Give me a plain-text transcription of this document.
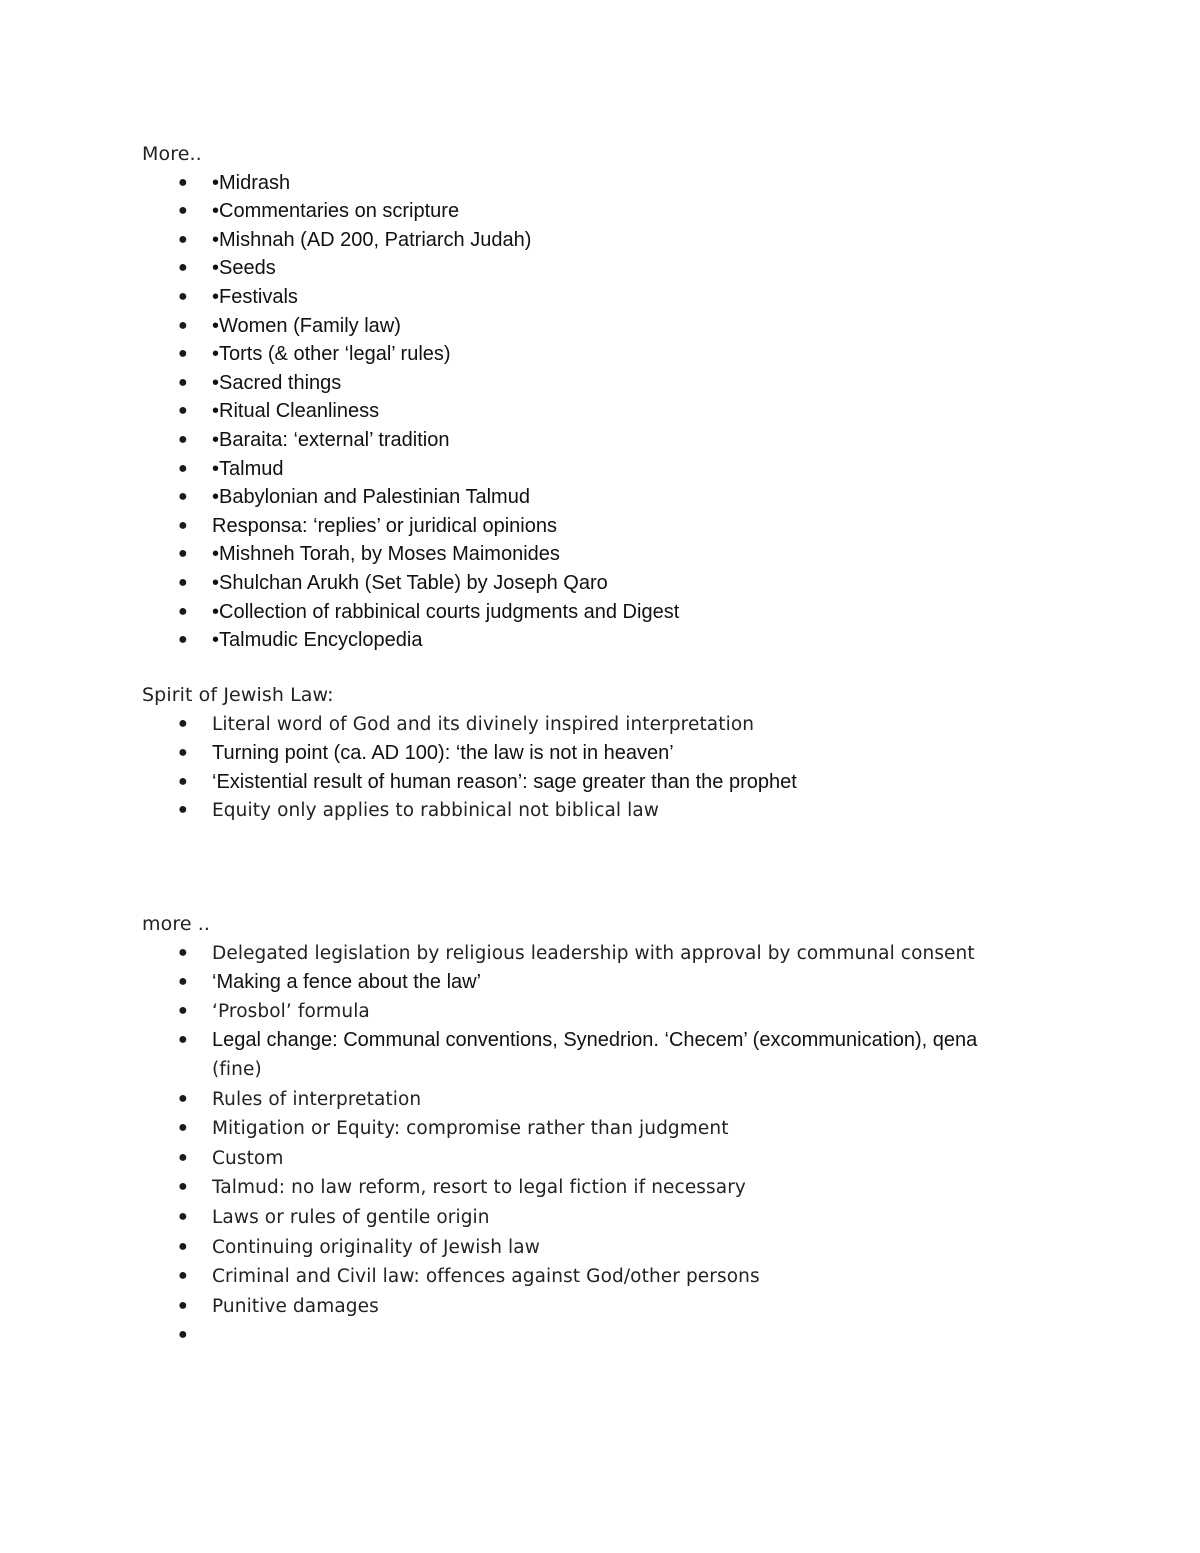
More..
● •Midrash
● •Commentaries on scripture
● •Mishnah (AD 200, Patriarch Judah)
● •Seeds
● •Festivals
● •Women (Family law)
● •Torts (& other ‘legal’ rules)
● •Sacred things
● •Ritual Cleanliness
● •Baraita: ‘external’ tradition
● •Talmud
● •Babylonian and Palestinian Talmud
● Responsa: ‘replies’ or juridical opinions
● •Mishneh Torah, by Moses Maimonides
● •Shulchan Arukh (Set Table) by Joseph Qaro
● •Collection of rabbinical courts judgments and Digest
● •Talmudic Encyclopedia
Spirit of Jewish Law:
● Literal word of God and its divinely inspired interpretation
● Turning point (ca. AD 100): ‘the law is not in heaven’
● ‘Existential result of human reason’: sage greater than the prophet
● Equity only applies to rabbinical not biblical law
more ..
● Delegated legislation by religious leadership with approval by communal consent
● ‘Making a fence about the law’
● ‘Prosbol’ formula
● Legal change: Communal conventions, Synedrion. ‘Checem’ (excommunication), qena
(fine)
● Rules of interpretation
● Mitigation or Equity: compromise rather than judgment
● Custom
● Talmud: no law reform, resort to legal fiction if necessary
● Laws or rules of gentile origin
● Continuing originality of Jewish law
● Criminal and Civil law: offences against God/other persons
● Punitive damages
●
